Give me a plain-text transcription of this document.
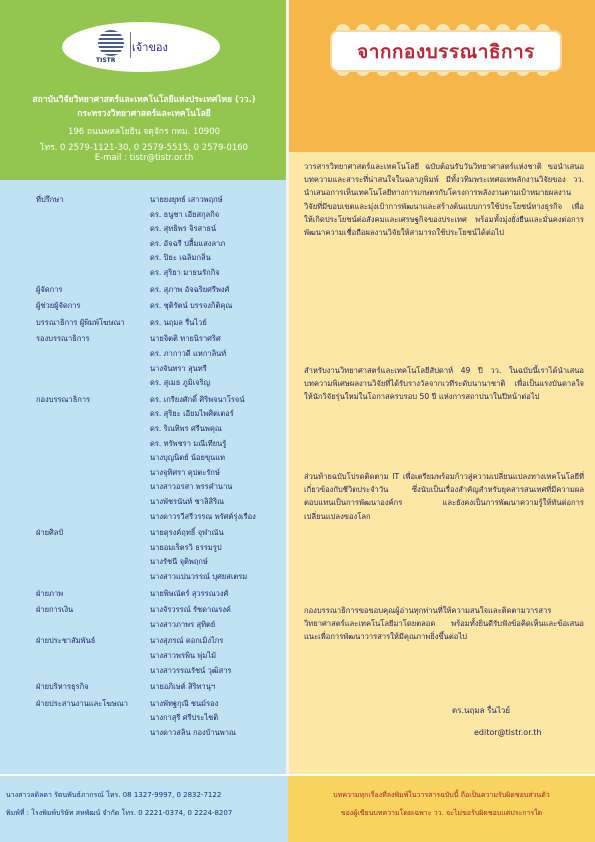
TISTR
เจ้าของ
สถาบันวิจัยวิทยาศาสตร์และเทคโนโลยีแห่งประเทศไทย (วว.)
กระทรวงวิทยาศาสตร์และเทคโนโลยี
196 ถนนพหลโยธิน จตุจักร กทม. 10900
โทร. 0 2579-1121-30, 0 2579-5515, 0 2579-0160
E-mail : tistr@tistr.or.th
จากกองบรรณาธิการ
ที่ปรึกษา	นายยงยุทธ์ เสาวพฤกษ์
ดร. ธนูชา เอียสกุลกิจ
ดร. สุทธิพร จิรสาธน์
ดร. อัจฉรี ปลื้มแสงลาภ
ดร. ปิยะ เฉลิมกลิ่น
ดร. สุริยา มาธนรักกิจ
ผู้จัดการ	ดร. สุภาพ อัจฉริยศรีพงศ์
ผู้ช่วยผู้จัดการ	ดร. ชุติรัตน์ บรรจงกิติคุณ
บรรณาธิการ ผู้พิมพ์โฆษณา	ดร. นฤมล รื่นไวย์
รองบรรณาธิการ	นายจิตติ ทายนิราศริศ
ดร. ภากาวดี แหกาลินท์
นางจันทรา สุนทรี
ดร. สุเมธ ภูมิเจริญ
กองบรรณาธิการ	ดร. เกรียงศักดิ์ ศิริพจนาโรจน์
ดร. สุริยะ เอียมไพศิตเตอร์
ดร. ริณทิพร ศรีนพคุณ
ดร. ทรัพชรา มณีเทียนรู้
นางบุญนิตย์ น้อยขุนแท
นางจุทิศรา คุปตะรักษ์
นางสาวอรสา พรรคำนาน
นางพัชรนันท์ ชาลิสิริณ
นางดาวรวีสรีวรรณ พรัศต์รุ่งเรือง
ฝ่ายศิลป์	นายดุรงค์ฤทธิ์ จุฬาณัน
นายอมเร็ตรวิ ธรรมรูป
นางรัชนี จุติพฤกษ์
นางสาวแปนวรรณ์ บุศยสเตรม
ฝ่ายภาพ	นายพิษณัตร์ สุวรรณวงศ์
ฝ่ายการเงิน	นางจัรวรรณ์ รัชดาณรงค์
นางสาวภาพร สุทิตย์
ฝ่ายประชาสัมพันธ์	นางสุภรณ์ ดอกเมิงไกร
นางสาวพรพิน พุ่มไม้
นางสาวรรณรัชน์ วุฒิสาร
ฝ่ายบริหารธุรกิจ	นายอภิเษต์ สิริทานุฯ
ฝ่ายประสานงานและโฆษณา	นางพัทฐกุณี ชนม์รอง
นางกาสุรี ศรีประไชติ
นางดาวสลิน กองบ้านพาณ
วารสารวิทยาศาสตร์และเทคโนโลยี ฉบับต้อนรับวันวิทยาศาสตร์แห่งชาติ ขอนำเสนอบทความและสาระที่น่าสนใจในฉลาภูพิมพ์ มีทั้งวทิมพระเทศอเทพลักงานวิจัยของ วว. นำเสนอการเห็นเทคโนโลยีทางการเกษตรกับโครงการพลังงานตามเป้าหมายผลงานวิจัยที่มีขอบเขตและมุ่งเป้าการพัฒนาและสร้างต้นแบบการใช้ประโยชน์ทางธุรกิจ เพื่อให้เกิดประโยชน์ต่อสังคมและเศรษฐกิจของประเทศ พร้อมทั้งมุ่งยั่งยืนและมั่นคงต่อการพัฒนาความเชื่อถือผลงานวิจัยให้สามารถใช้ประโยชน์ได้ต่อไป
สำหรับงานวิทยาศาสตร์และเทคโนโลยีสัปดาห์ 49 ปี วว. ในฉบับนี้เราได้นำเสนอบทความพิเศษผลงานวิจัยที่ได้รับรางวัลจากเวทีระดับนานาชาติ เพื่อเป็นแรงบันดาลใจให้นักวิจัยรุ่นใหม่ในโอกาสครบรอบ 50 ปี แห่งการสถาปนาในปีหน้าต่อไป
ส่วนท้ายฉบับโปรดติดตาม IT เพื่อเตรียมพร้อมก้าวสู่ความเปลี่ยนแปลงทางเทคโนโลยีที่เกี่ยวข้องกับชีวิตประจำวัน ซึ่งนับเป็นเรื่องสำคัญสำหรับยุคสารสนเทศที่มีความผลตอบแทนเป็นการพัฒนาองค์กร และยังคงเป็นการพัฒนาความรู้ให้ทันต่อการเปลี่ยนแปลงของโลก
กองบรรณาธิการขอขอบคุณผู้อ่านทุกท่านที่ให้ความสนใจและติดตามวารสารวิทยาศาสตร์และเทคโนโลยีมาโดยตลอด พร้อมทั้งยินดีรับฟังข้อคิดเห็นและข้อเสนอแนะเพื่อการพัฒนาวารสารให้มีคุณภาพยิ่งขึ้นต่อไป
ดร.นฤมล รื่นไวย์
editor@tistr.or.th
นางสาวลดิลดา รัตนพันธ์ภากรณ์ โทร. 08 1327-9997, 0 2832-7122
พิมพ์ที่ : โรงพิมพ์บริษัท สหพัฒน์ จำกัด โทร. 0 2221-0374, 0 2224-8207
บทความทุกเรื่องที่ลงพิมพ์ในวารสารฉบับนี้ ถือเป็นความรับผิดชอบส่วนตัว
ของผู้เขียนบทความโดยเฉพาะ วว. จะไม่ขอรับผิดชอบแต่ประการใด
